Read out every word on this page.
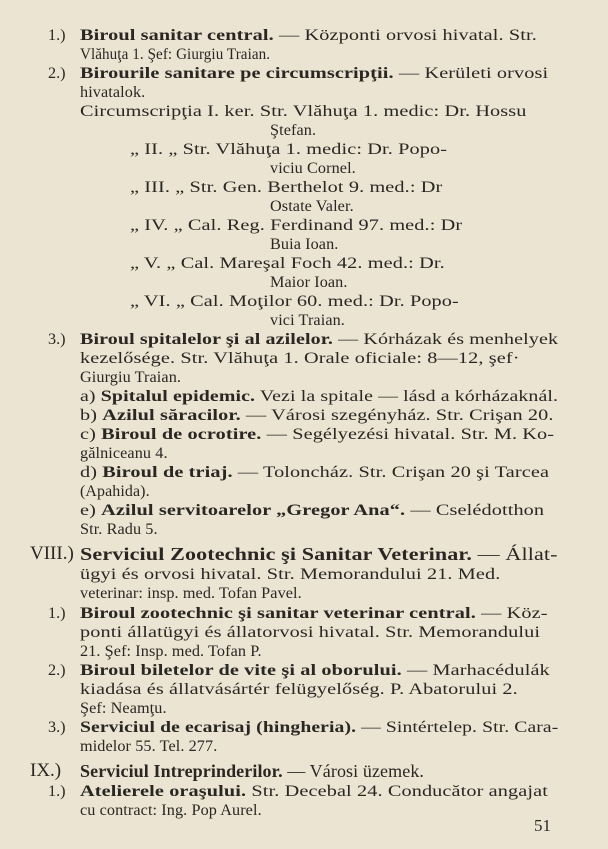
1.) Biroul sanitar central. — Központi orvosi hivatal. Str.
Vlăhuţa 1. Şef: Giurgiu Traian.
2.) Birourile sanitare pe circumscripţii. — Kerületi orvosi
hivatalok.
Circumscripţia I. ker. Str. Vlăhuţa 1. medic: Dr. Hossu
Ştefan.
„ II. „ Str. Vlăhuţa 1. medic: Dr. Popo-
viciu Cornel.
„ III. „ Str. Gen. Berthelot 9. med.: Dr
Ostate Valer.
„ IV. „ Cal. Reg. Ferdinand 97. med.: Dr
Buia Ioan.
„ V. „ Cal. Mareşal Foch 42. med.: Dr.
Maior Ioan.
„ VI. „ Cal. Moţilor 60. med.: Dr. Popo-
vici Traian.
3.) Biroul spitalelor şi al azilelor. — Kórházak és menhelyek
kezelősége. Str. Vlăhuţa 1. Orale oficiale: 8—12, şef·
Giurgiu Traian.
a) Spitalul epidemic. Vezi la spitale — lásd a kórházaknál.
b) Azilul săracilor. — Városi szegényház. Str. Crişan 20.
c) Biroul de ocrotire. — Segélyezési hivatal. Str. M. Ko-
gălniceanu 4.
d) Biroul de triaj. — Toloncház. Str. Crişan 20 şi Tarcea
(Apahida).
e) Azilul servitoarelor „Gregor Ana“. — Cselédotthon
Str. Radu 5.
VIII.) Serviciul Zootechnic şi Sanitar Veterinar. — Állat-
ügyi és orvosi hivatal. Str. Memorandului 21. Med.
veterinar: insp. med. Tofan Pavel.
1.) Biroul zootechnic şi sanitar veterinar central. — Köz-
ponti állatügyi és állatorvosi hivatal. Str. Memorandului
21. Şef: Insp. med. Tofan P.
2.) Biroul biletelor de vite şi al oborului. — Marhacédulák
kiadása és állatvásártér felügyelőség. P. Abatorului 2.
Şef: Neamţu.
3.) Serviciul de ecarisaj (hingheria). — Sintértelep. Str. Cara-
midelor 55. Tel. 277.
IX.) Serviciul Intreprinderilor. — Városi üzemek.
1.) Atelierele oraşului. Str. Decebal 24. Conducător angajat
cu contract: Ing. Pop Aurel.
51
